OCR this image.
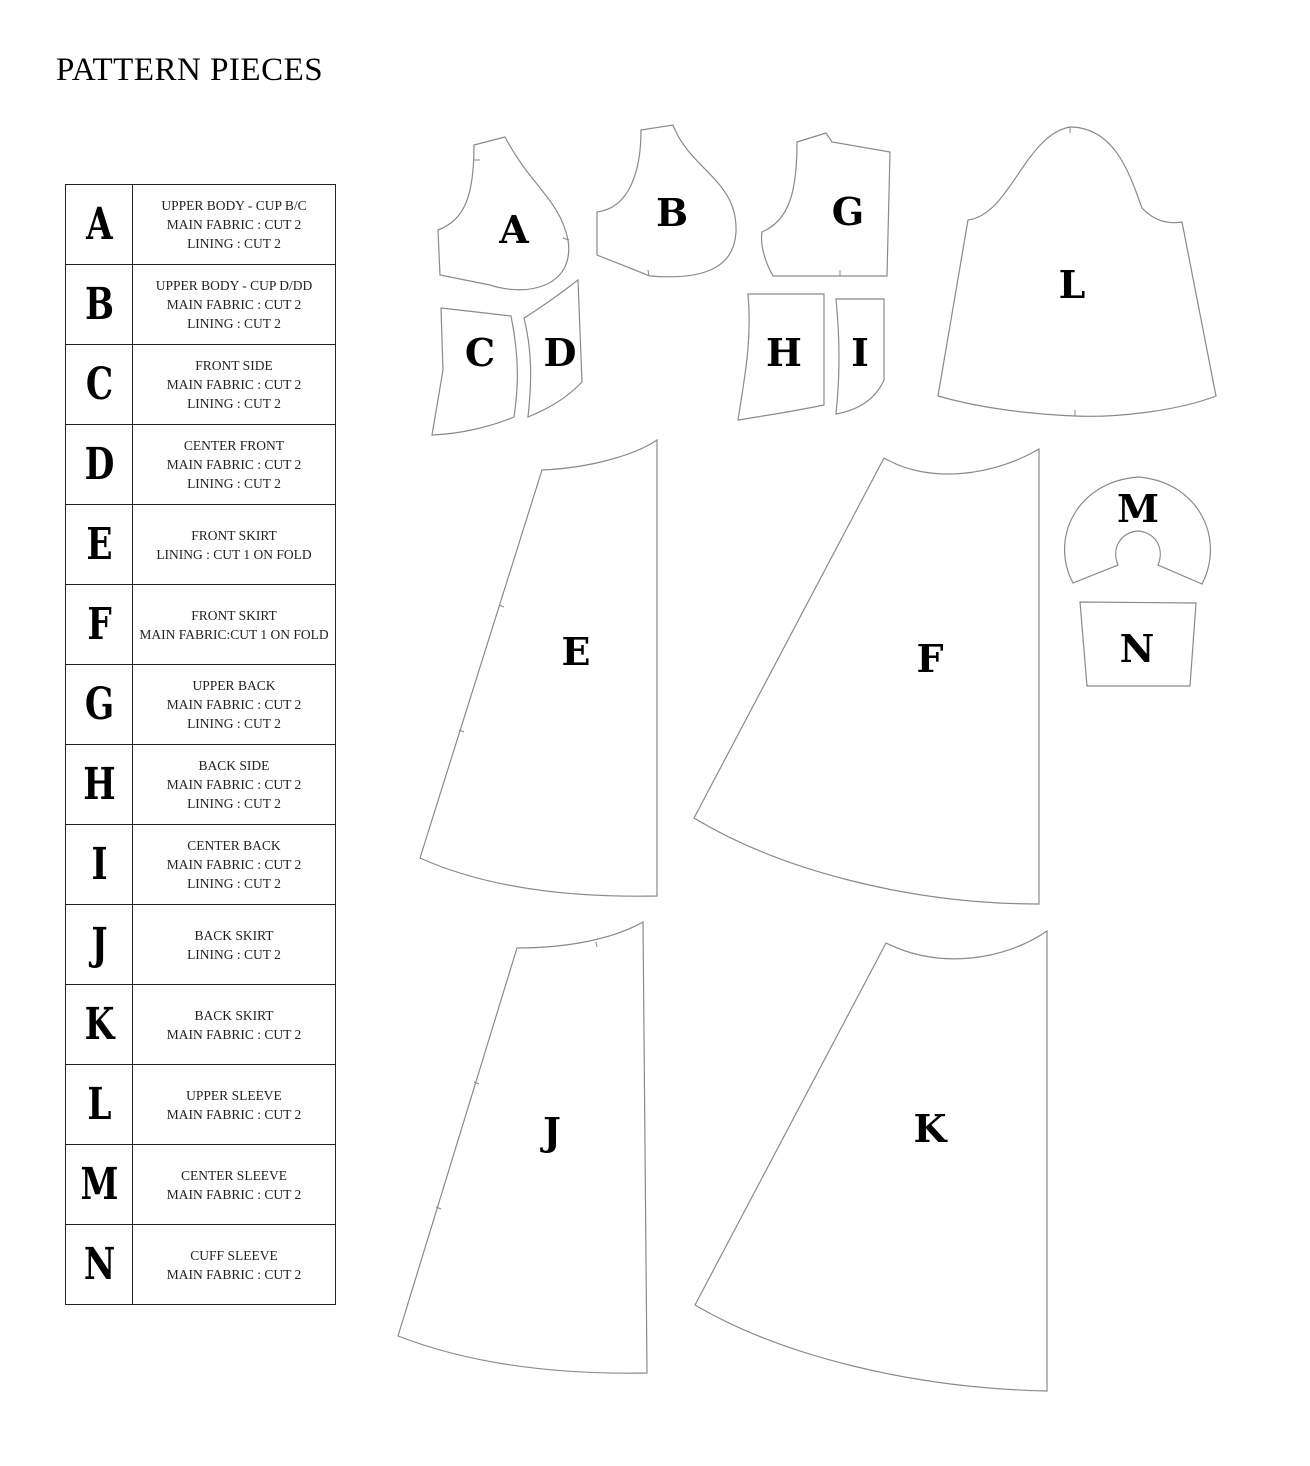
PATTERN PIECES
A	UPPER BODY - CUP B/C
MAIN FABRIC : CUT 2
LINING : CUT 2

B	UPPER BODY - CUP D/DD
MAIN FABRIC : CUT 2
LINING : CUT 2

C	FRONT SIDE
MAIN FABRIC : CUT 2
LINING : CUT 2

D	CENTER FRONT
MAIN FABRIC : CUT 2
LINING : CUT 2

E	FRONT SKIRT
LINING : CUT 1 ON FOLD

F	FRONT SKIRT
MAIN FABRIC:CUT 1 ON FOLD

G	UPPER BACK
MAIN FABRIC : CUT 2
LINING : CUT 2

H	BACK SIDE
MAIN FABRIC : CUT 2
LINING : CUT 2

I	CENTER BACK
MAIN FABRIC : CUT 2
LINING : CUT 2

J	BACK SKIRT
LINING : CUT 2

K	BACK SKIRT
MAIN FABRIC : CUT 2

L	UPPER SLEEVE
MAIN FABRIC : CUT 2

M	CENTER SLEEVE
MAIN FABRIC : CUT 2

N	CUFF SLEEVE
MAIN FABRIC : CUT 2
A	B	G
C D	H I
L
E	F
M
N
J	K
